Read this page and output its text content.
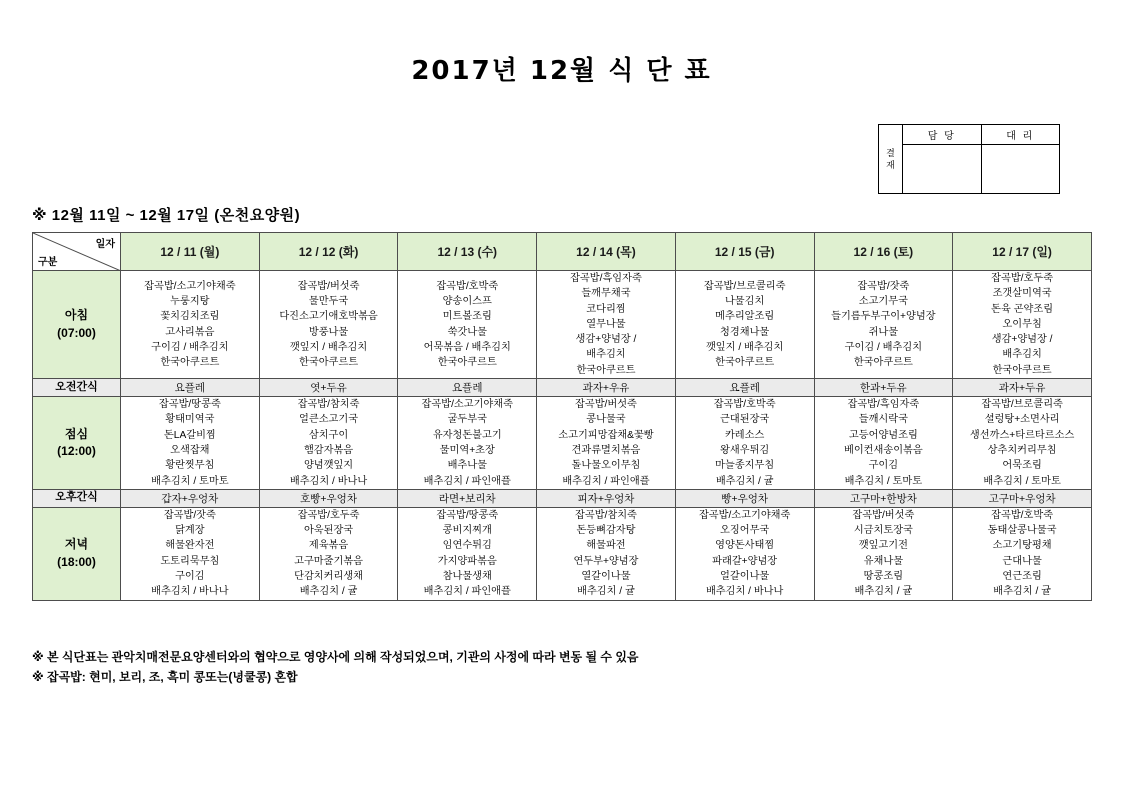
2017년 12월 식 단 표
결
재
담 당	대 리
※ 12월 11일 ~ 12월 17일 (온천요양원)
일자
구분	12 / 11 (월)	12 / 12 (화)	12 / 13 (수)	12 / 14 (목)	12 / 15 (금)	12 / 16 (토)	12 / 17 (일)

아침
(07:00)

잡곡밥/소고기야채죽
누룽지탕
꽃치김치조림
고사리볶음
구이김 / 배추김치
한국아쿠르트

잡곡밥/버섯죽
물만두국
다진소고기애호박볶음
방풍나물
깻잎지 / 배추김치
한국아쿠르트

잡곡밥/호박죽
양송이스프
미트볼조림
쑥갓나물
어묵볶음 / 배추김치
한국아쿠르트

잡곡밥/흑임자죽
들깨무채국
코다리찜
열무나물
생감+양념장 /
배추김치
한국아쿠르트

잡곡밥/브로콜리죽
나물김치
메추리알조림
청경채나물
깻잎지 / 배추김치
한국아쿠르트

잡곡밥/잣죽
소고기무국
들기름두부구이+양념장
쥐나물
구이김 / 배추김치
한국아쿠르트

잡곡밥/호두죽
조갯살미역국
돈육 곤약조림
오이무침
생감+양념장 /
배추김치
한국아쿠르트

오전간식	요플레	엿+두유	요플레	과자+우유	요플레	한과+두유	과자+두유

점심
(12:00)

잡곡밥/땅콩죽
황태미역국
돈LA갈비찜
오색잡채
황란찟무침
배추김치 / 토마토

잡곡밥/참치죽
얼큰소고기국
삼치구이
햄감자볶음
양념깻잎지
배추김치 / 바나나

잡곡밥/소고기야채죽
굴두부국
유자청돈불고기
물미역+초장
배추나물
배추김치 / 파인애플

잡곡밥/버섯죽
콩나물국
소고기피망잡채&꽃빵
견과류멸치볶음
돌나물오이무침
배추김치 / 파인애플

잡곡밥/호박죽
근대된장국
카레소스
왕새우튀김
마늘종지무침
배추김치 / 귤

잡곡밥/흑임자죽
들깨시락국
고등어양념조림
베이컨새송이볶음
구이김
배추김치 / 토마토

잡곡밥/브로콜리죽
셜렁탕+소면사리
생선까스+타르타르소스
상추치커리무침
어묵조림
배추김치 / 토마토

오후간식	갑자+우엉차	호빵+우엉차	라면+보리차	피자+우엉차	빵+우엉차	고구마+한방차	고구마+우엉차

저녁
(18:00)

잡곡밥/잣죽
닭계장
해물완자전
도토리묵무침
구이김
배추김치 / 바나나

잡곡밥/호두죽
아욱된장국
제육볶음
고구마줄기볶음
단감치커리생채
배추김치 / 귤

잡곡밥/땅콩죽
콩비지찌개
임연수튀김
가지양파볶음
참나물생채
배추김치 / 파인애플

잡곡밥/참치죽
돈등뼈감자탕
해물파전
연두부+양념장
열갈이나물
배추김치 / 귤

잡곡밥/소고기야채죽
오징어무국
영양돈사태찜
파래갈+양념장
얼갈이나물
배추김치 / 바나나

잡곡밥/버섯죽
시금치토장국
깻잎고기전
유채나물
땅콩조림
배추김치 / 귤

잡곡밥/호박죽
동태살콩나물국
소고기탕평채
근대나물
연근조림
배추김치 / 귤
※ 본 식단표는 관악치매전문요양센터와의 협약으로 영양사에 의해 작성되었으며, 기관의 사정에 따라 변동 될 수 있음
※ 잡곡밥: 현미, 보리, 조, 흑미 콩또는(녕쿨콩) 혼합
